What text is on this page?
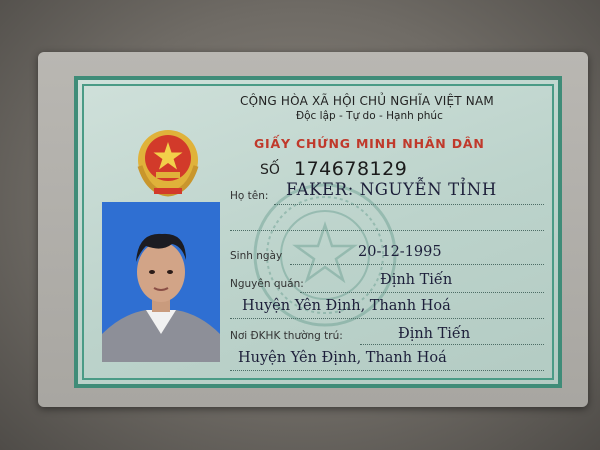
CỘNG HÒA XÃ HỘI CHỦ NGHĨA VIỆT NAM
Độc lập - Tự do - Hạnh phúc
GIẤY CHỨNG MINH NHÂN DÂN
SỐ 174678129
Họ tên: FAKER: NGUYỄN TỈNH
Sinh ngày	20-12-1995
Nguyên quán:	Định Tiến
Huyện Yên Định, Thanh Hoá
Nơi ĐKHK thường trú:	Định Tiến
Huyện Yên Định, Thanh Hoá
